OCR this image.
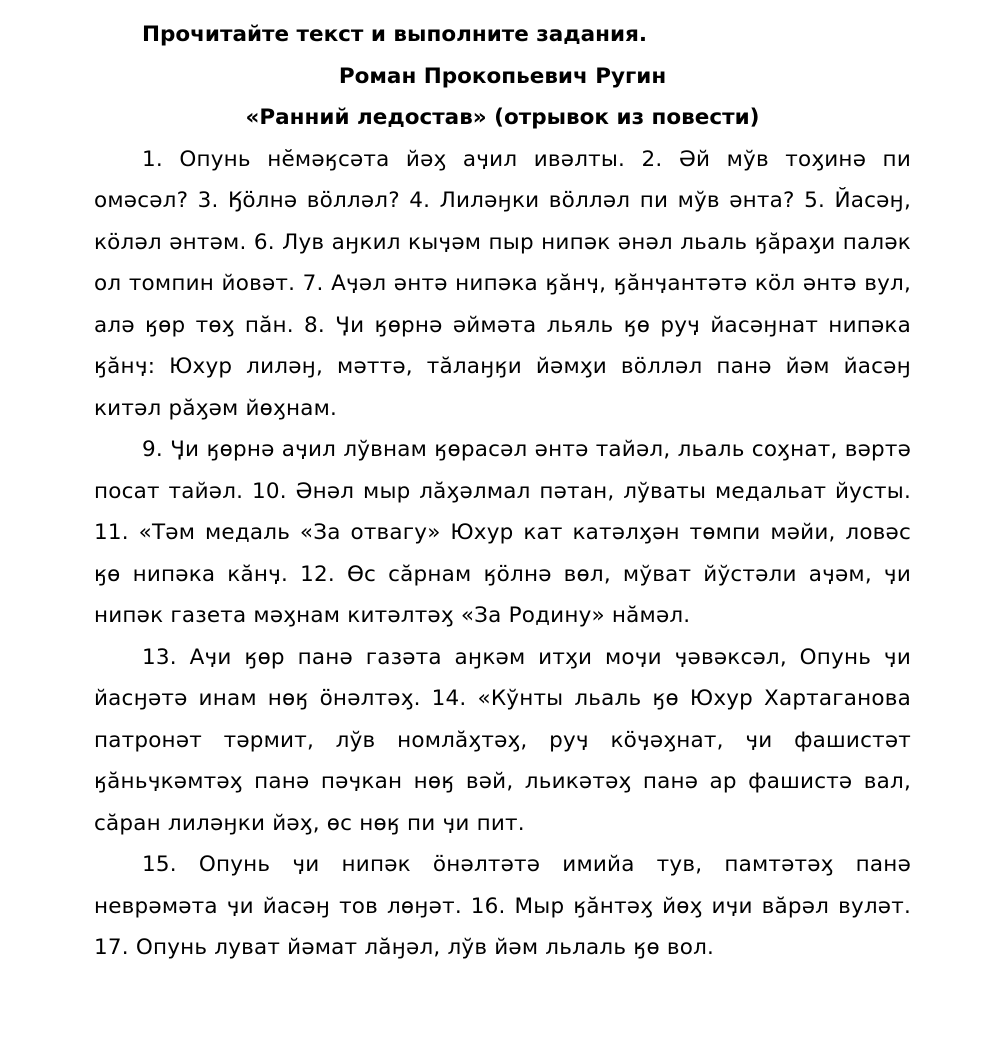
Прочитайте текст и выполните задания.

Роман Прокопьевич Ругин

«Ранний ледостав» (отрывок из повести)

1. Опунь нӗмәӄсәта йәӽ аӌил ивәлты. 2. Әй мўв тоӽинә пи омәсәл? 3. Ӄӧлнә вӧлләл? 4. Лиләӈки вӧлләл пи мўв әнта? 5. Йасәӈ, кӧләл әнтәм. 6. Лув аӈкил кыӌәм пыр нипәк әнәл льаль ӄăраӽи паләк ол томпин йовәт. 7. Аӌәл әнтә нипәка ӄăнӌ, ӄăнӌантәтә кӧл әнтә вул, алә ӄөр төӽ пăн. 8. Ӌи ӄөрнә әймәта льяль ӄө руӌ йасәӈнат нипәка ӄăнӌ: Юхур лиләӈ, мәттә, тăлаӈӄи йәмӽи вӧлләл панә йәм йасәӈ китәл рăӽәм йөӽнам.

9. Ӌи ӄөрнә аӌил лўвнам ӄөрасәл әнтә тайәл, льаль соӽнат, вәртә посат тайәл. 10. Әнәл мыр лăӽәлмал пәтан, лўваты медальат йусты. 11. «Тәм медаль «За отвагу» Юхур кат катәлӽән төмпи мәйи, ловәс ӄө нипәка кăнӌ. 12. Өс сăрнам ӄӧлнә вөл, мўват йўстәли аӌәм, ӌи нипәк газета мәӽнам китәлтәӽ «За Родину» нăмәл.

13. Аӌи ӄөр панә газәта аӈкәм итӽи моӌи ӌәвәксәл, Опунь ӌи йасӈәтә инам нөӄ ӧнәлтәӽ. 14. «Кўнты льаль ӄө Юхур Хартаганова патронәт тәрмит, лўв номлăӽтәӽ, руӌ кӧӌәӽнат, ӌи фашистәт ӄăньӌкәмтәӽ панә пәӌкан нөӄ вәй, льикәтәӽ панә ар фашистә вал, сăран лиләӈки йәӽ, өс нөӄ пи ӌи пит.

15. Опунь ӌи нипәк ӧнәлтәтә имийа тув, памтәтәӽ панә неврәмәта ӌи йасәӈ тов лөӈәт. 16. Мыр ӄăнтәӽ йөӽ иӌи вăрәл вуләт. 17. Опунь луват йәмат лăӈәл, лўв йәм льлаль ӄө вол.
